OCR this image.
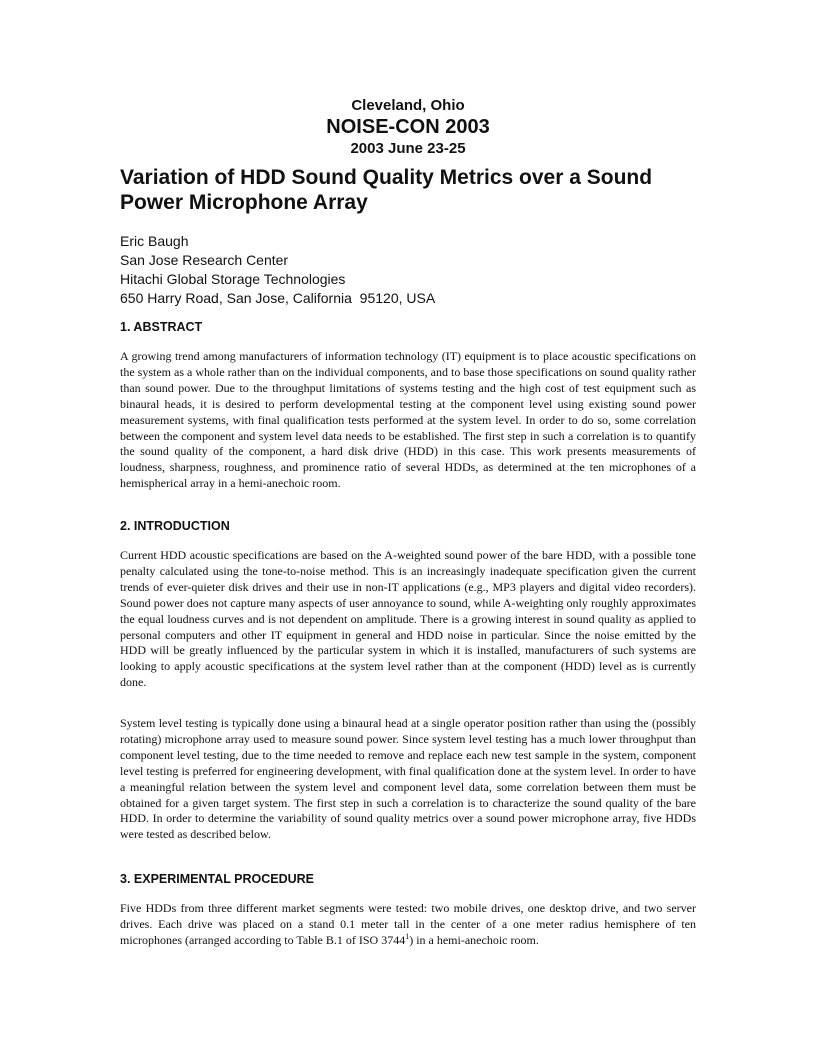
Cleveland, Ohio
NOISE-CON 2003
2003 June 23-25
Variation of HDD Sound Quality Metrics over a Sound Power Microphone Array
Eric Baugh
San Jose Research Center
Hitachi Global Storage Technologies
650 Harry Road, San Jose, California  95120, USA
1. ABSTRACT

A growing trend among manufacturers of information technology (IT) equipment is to place acoustic specifications on the system as a whole rather than on the individual components, and to base those specifications on sound quality rather than sound power. Due to the throughput limitations of systems testing and the high cost of test equipment such as binaural heads, it is desired to perform developmental testing at the component level using existing sound power measurement systems, with final qualification tests performed at the system level. In order to do so, some correlation between the component and system level data needs to be established. The first step in such a correlation is to quantify the sound quality of the component, a hard disk drive (HDD) in this case. This work presents measurements of loudness, sharpness, roughness, and prominence ratio of several HDDs, as determined at the ten microphones of a hemispherical array in a hemi-anechoic room.

2. INTRODUCTION

Current HDD acoustic specifications are based on the A-weighted sound power of the bare HDD, with a possible tone penalty calculated using the tone-to-noise method. This is an increasingly inadequate specification given the current trends of ever-quieter disk drives and their use in non-IT applications (e.g., MP3 players and digital video recorders). Sound power does not capture many aspects of user annoyance to sound, while A-weighting only roughly approximates the equal loudness curves and is not dependent on amplitude. There is a growing interest in sound quality as applied to personal computers and other IT equipment in general and HDD noise in particular. Since the noise emitted by the HDD will be greatly influenced by the particular system in which it is installed, manufacturers of such systems are looking to apply acoustic specifications at the system level rather than at the component (HDD) level as is currently done.

System level testing is typically done using a binaural head at a single operator position rather than using the (possibly rotating) microphone array used to measure sound power. Since system level testing has a much lower throughput than component level testing, due to the time needed to remove and replace each new test sample in the system, component level testing is preferred for engineering development, with final qualification done at the system level. In order to have a meaningful relation between the system level and component level data, some correlation between them must be obtained for a given target system. The first step in such a correlation is to characterize the sound quality of the bare HDD. In order to determine the variability of sound quality metrics over a sound power microphone array, five HDDs were tested as described below.

3. EXPERIMENTAL PROCEDURE

Five HDDs from three different market segments were tested: two mobile drives, one desktop drive, and two server drives. Each drive was placed on a stand 0.1 meter tall in the center of a one meter radius hemisphere of ten microphones (arranged according to Table B.1 of ISO 3744$^1$) in a hemi-anechoic room.
